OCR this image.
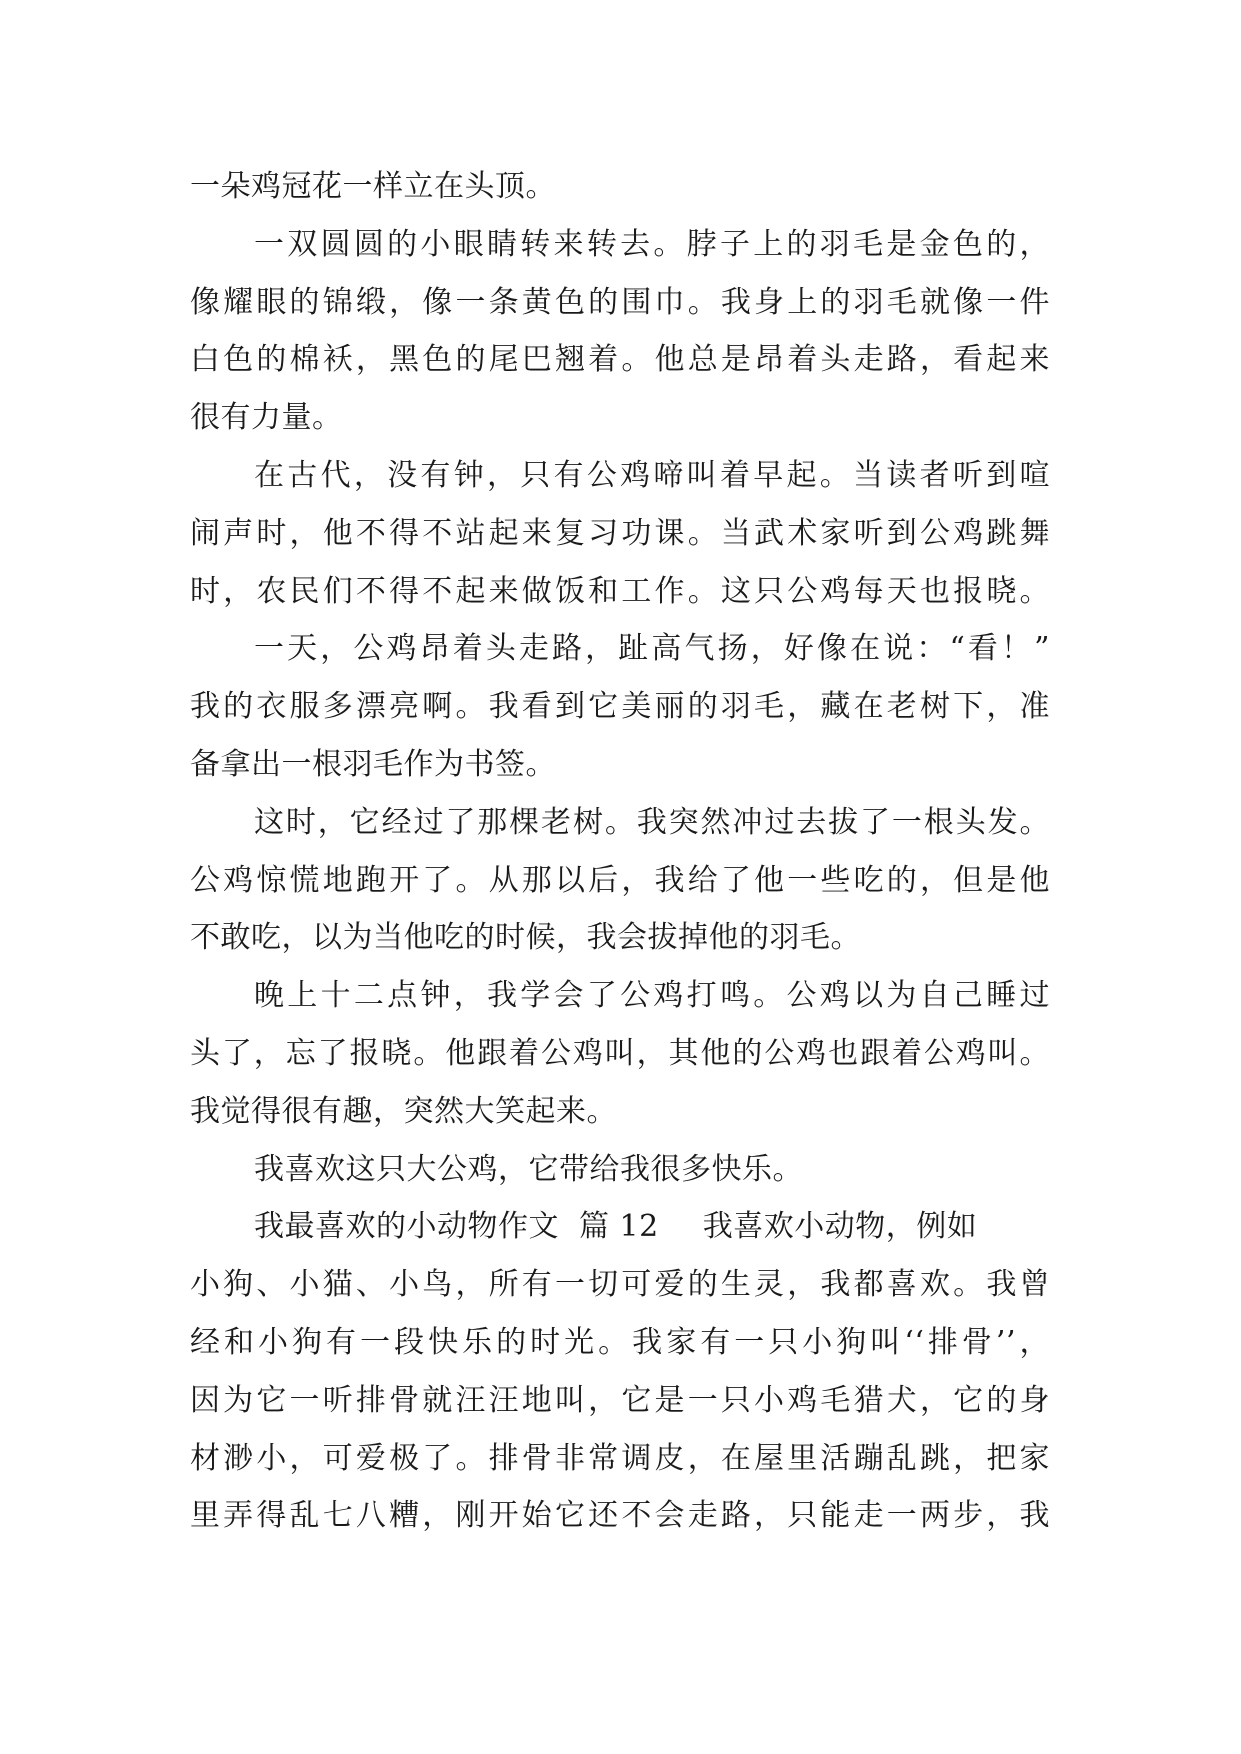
一朵鸡冠花一样立在头顶。
一双圆圆的小眼睛转来转去。脖子上的羽毛是金色的，
像耀眼的锦缎，像一条黄色的围巾。我身上的羽毛就像一件
白色的棉袄，黑色的尾巴翘着。他总是昂着头走路，看起来
很有力量。
在古代，没有钟，只有公鸡啼叫着早起。当读者听到喧
闹声时，他不得不站起来复习功课。当武术家听到公鸡跳舞
时，农民们不得不起来做饭和工作。这只公鸡每天也报晓。
一天，公鸡昂着头走路，趾高气扬，好像在说：“看！”
我的衣服多漂亮啊。我看到它美丽的羽毛，藏在老树下，准
备拿出一根羽毛作为书签。
这时，它经过了那棵老树。我突然冲过去拔了一根头发。
公鸡惊慌地跑开了。从那以后，我给了他一些吃的，但是他
不敢吃，以为当他吃的时候，我会拔掉他的羽毛。
晚上十二点钟，我学会了公鸡打鸣。公鸡以为自己睡过
头了，忘了报晓。他跟着公鸡叫，其他的公鸡也跟着公鸡叫。
我觉得很有趣，突然大笑起来。
我喜欢这只大公鸡，它带给我很多快乐。
我最喜欢的小动物作文 篇 12 我喜欢小动物，例如
小狗、小猫、小鸟，所有一切可爱的生灵，我都喜欢。我曾
经和小狗有一段快乐的时光。我家有一只小狗叫‘‘排骨’’，
因为它一听排骨就汪汪地叫，它是一只小鸡毛猎犬，它的身
材渺小，可爱极了。排骨非常调皮，在屋里活蹦乱跳，把家
里弄得乱七八糟，刚开始它还不会走路，只能走一两步，我
